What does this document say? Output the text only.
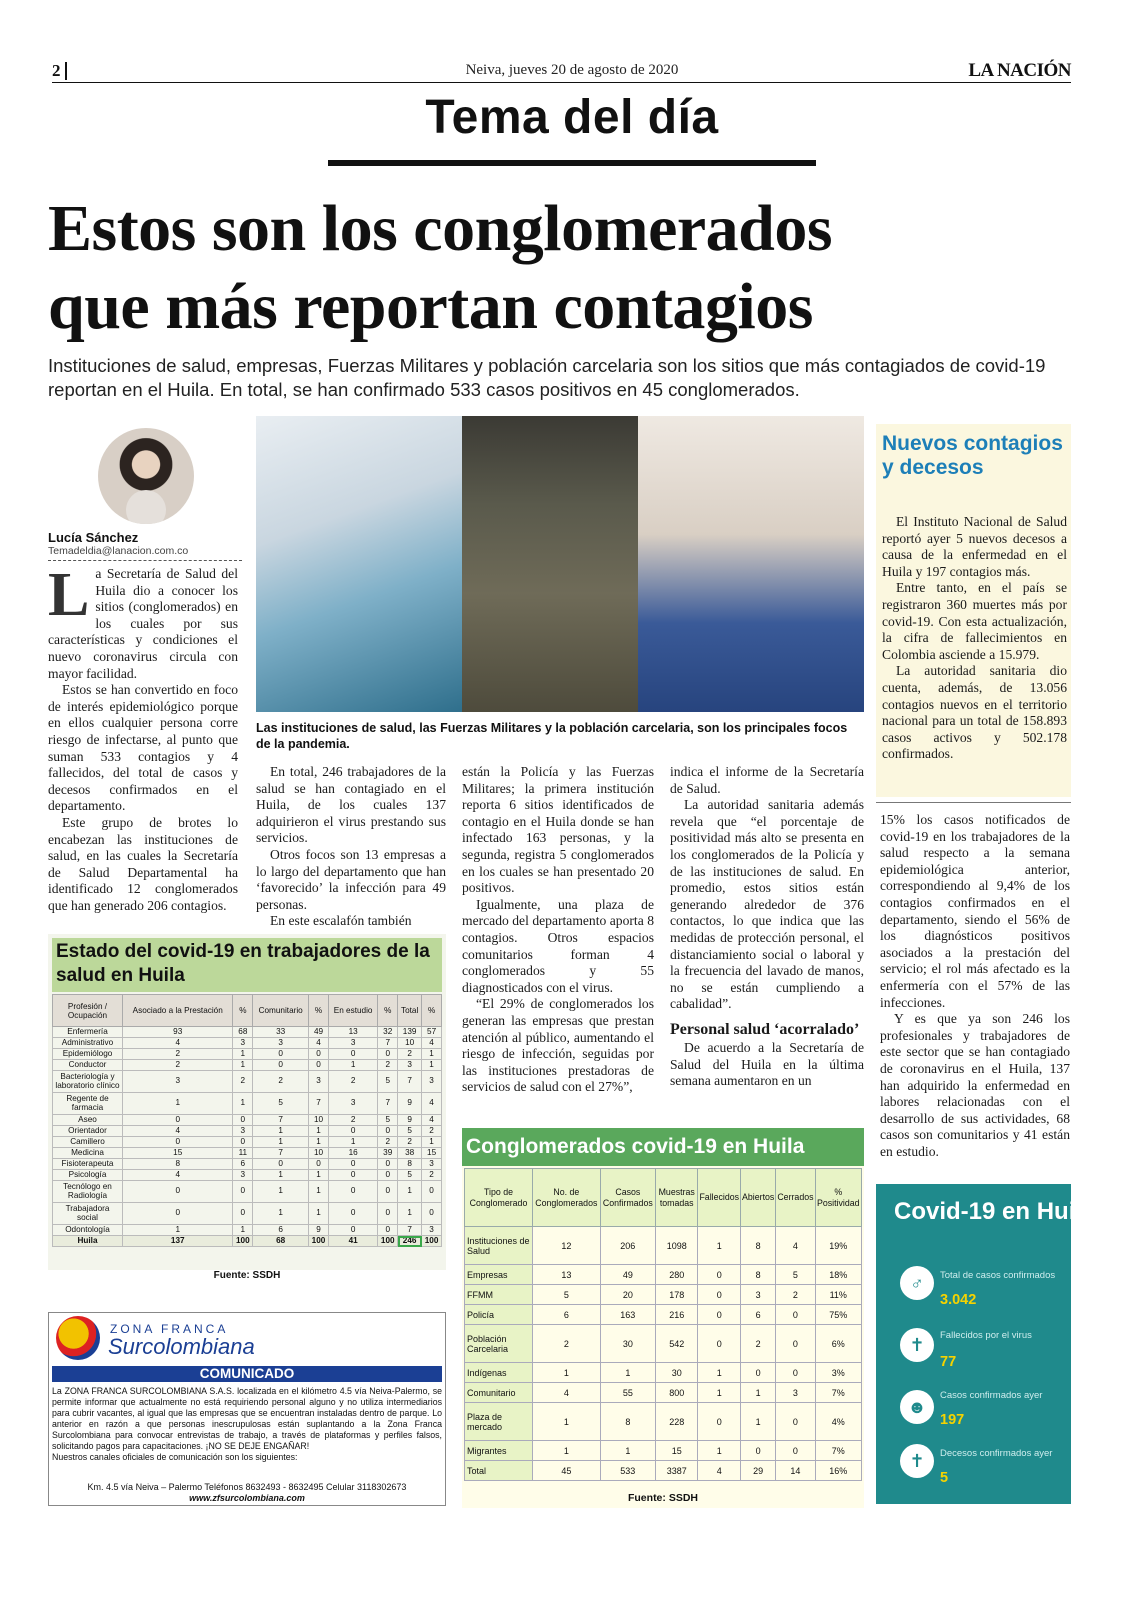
2	Neiva, jueves 20 de agosto de 2020	LA NACIÓN
Tema del día
Estos son los conglomerados
que más reportan contagios
Instituciones de salud, empresas, Fuerzas Militares y población carcelaria son los sitios que más contagiados de covid-19 reportan en el Huila. En total, se han confirmado 533 casos positivos en 45 conglomerados.
Lucía Sánchez
Temadeldia@lanacion.com.co
L a Secretaría de Salud del Huila dio a conocer los sitios (conglomerados) en los cuales por sus características y condiciones el nuevo coronavirus circula con mayor facilidad.

Estos se han convertido en foco de interés epidemiológico porque en ellos cualquier persona corre riesgo de infectarse, al punto que suman 533 contagios y 4 fallecidos, del total de casos y decesos confirmados en el departamento.

Este grupo de brotes lo encabezan las instituciones de salud, en las cuales la Secretaría de Salud Departamental ha identificado 12 conglomerados que han generado 206 contagios.

Las instituciones de salud, las Fuerzas Militares y la población carcelaria, son los principales focos de la pandemia.

En total, 246 trabajadores de la salud se han contagiado en el Huila, de los cuales 137 adquirieron el virus prestando sus servicios.

Otros focos son 13 empresas a lo largo del departamento que han ‘favorecido’ la infección para 49 personas.

En este escalafón también

están la Policía y las Fuerzas Militares; la primera institución reporta 6 sitios identificados de contagio en el Huila donde se han infectado 163 personas, y la segunda, registra 5 conglomerados en los cuales se han presentado 20 positivos.

Igualmente, una plaza de mercado del departamento aporta 8 contagios. Otros espacios comunitarios forman 4 conglomerados y 55 diagnosticados con el virus.

“El 29% de conglomerados los generan las empresas que prestan atención al público, aumentando el riesgo de infección, seguidas por las instituciones prestadoras de servicios de salud con el 27%”,

indica el informe de la Secretaría de Salud.

La autoridad sanitaria además revela que “el porcentaje de positividad más alto se presenta en los conglomerados de la Policía y de las instituciones de salud. En promedio, estos sitios están generando alrededor de 376 contactos, lo que indica que las medidas de protección personal, el distanciamiento social o laboral y la frecuencia del lavado de manos, no se están cumpliendo a cabalidad”.

Personal salud ‘acorralado’

De acuerdo a la Secretaría de Salud del Huila en la última semana aumentaron en un

Nuevos contagios y decesos

El Instituto Nacional de Salud reportó ayer 5 nuevos decesos a causa de la enfermedad en el Huila y 197 contagios más.

Entre tanto, en el país se registraron 360 muertes más por covid-19. Con esta actualización, la cifra de fallecimientos en Colombia asciende a 15.979.

La autoridad sanitaria dio cuenta, además, de 13.056 contagios nuevos en el territorio nacional para un total de 158.893 casos activos y 502.178 confirmados.

15% los casos notificados de covid-19 en los trabajadores de la salud respecto a la semana epidemiológica anterior, correspondiendo al 9,4% de los contagios confirmados en el departamento, siendo el 56% de los diagnósticos positivos asociados a la prestación del servicio; el rol más afectado es la enfermería con el 57% de las infecciones.

Y es que ya son 246 los profesionales y trabajadores de este sector que se han contagiado de coronavirus en el Huila, 137 han adquirido la enfermedad en labores relacionadas con el desarrollo de sus actividades, 68 casos son comunitarios y 41 están en estudio.

Estado del covid-19 en trabajadores de la salud en Huila
Profesión / Ocupación	Asociado a la Prestación	%	Comunitario	%	En estudio	%	Total	%
Enfermería	93	68	33	49	13	32	139	57
Administrativo	4	3	3	4	3	7	10	4
Epidemiólogo	2	1	0	0	0	0	2	1
Conductor	2	1	0	0	1	2	3	1
Bacteriología y laboratorio clínico	3	2	2	3	2	5	7	3
Regente de farmacia	1	1	5	7	3	7	9	4
Aseo	0	0	7	10	2	5	9	4
Orientador	4	3	1	1	0	0	5	2
Camillero	0	0	1	1	1	2	2	1
Medicina	15	11	7	10	16	39	38	15
Fisioterapeuta	8	6	0	0	0	0	8	3
Psicología	4	3	1	1	0	0	5	2
Tecnólogo en Radiología	0	0	1	1	0	0	1	0
Trabajadora social	0	0	1	1	0	0	1	0
Odontología	1	1	6	9	0	0	7	3
Huila	137	100	68	100	41	100	246	100
Fuente: SSDH
ZONA FRANCA
Surcolombiana
COMUNICADO
La ZONA FRANCA SURCOLOMBIANA S.A.S. localizada en el kilómetro 4.5 vía Neiva-Palermo, se permite informar que actualmente no está requiriendo personal alguno y no utiliza intermediarios para cubrir vacantes, al igual que las empresas que se encuentran instaladas dentro de parque. Lo anterior en razón a que personas inescrupulosas están suplantando a la Zona Franca Surcolombiana para convocar entrevistas de trabajo, a través de plataformas y perfiles falsos, solicitando pagos para capacitaciones. ¡NO SE DEJE ENGAÑAR!
Nuestros canales oficiales de comunicación son los siguientes:
Km. 4.5 vía Neiva – Palermo Teléfonos 8632493 - 8632495 Celular 3118302673
www.zfsurcolombiana.com
Conglomerados covid-19 en Huila
Tipo de Conglomerado	No. de Conglomerados	Casos Confirmados	Muestras tomadas	Fallecidos	Abiertos	Cerrados	% Positividad
Instituciones de Salud	12	206	1098	1	8	4	19%
Empresas	13	49	280	0	8	5	18%
FFMM	5	20	178	0	3	2	11%
Policía	6	163	216	0	6	0	75%
Población Carcelaria	2	30	542	0	2	0	6%
Indígenas	1	1	30	1	0	0	3%
Comunitario	4	55	800	1	1	3	7%
Plaza de mercado	1	8	228	0	1	0	4%
Migrantes	1	1	15	1	0	0	7%
Total	45	533	3387	4	29	14	16%
Fuente: SSDH
Covid-19 en Huila
♂	Total de casos confirmados
3.042
✝	Fallecidos por el virus
77
☻
Casos confirmados ayer
197
✝	Decesos confirmados ayer
5
